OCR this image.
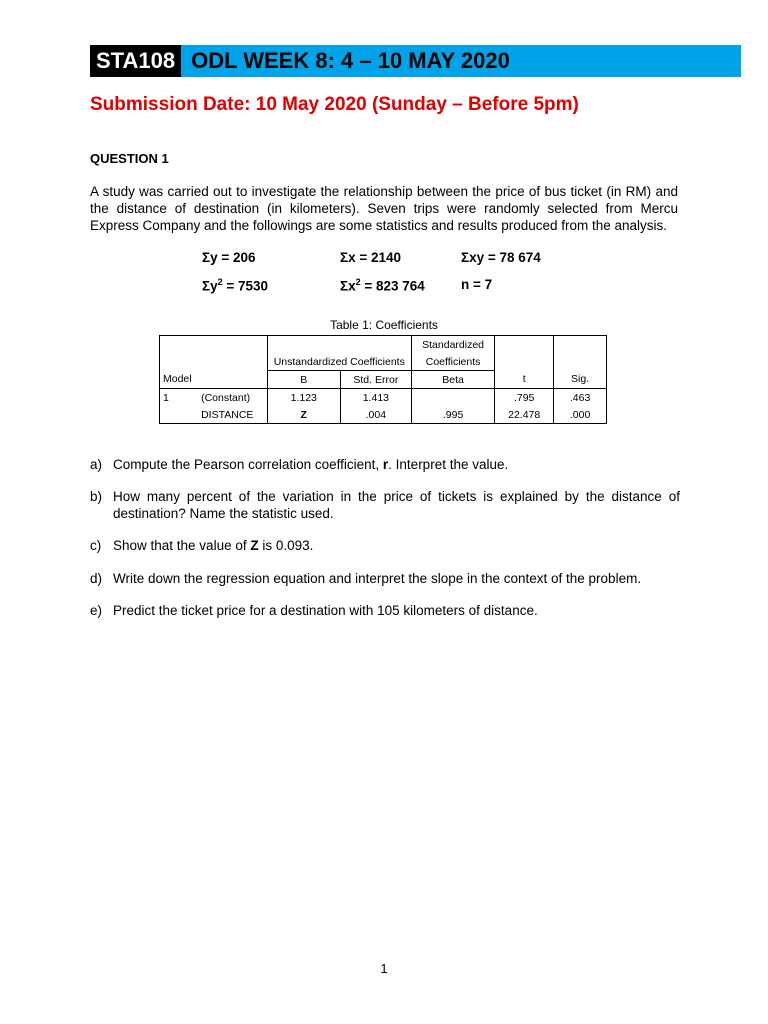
STA108 ODL WEEK 8: 4 – 10 MAY 2020
Submission Date: 10 May 2020 (Sunday – Before 5pm)
QUESTION 1
A study was carried out to investigate the relationship between the price of bus ticket (in RM) and the distance of destination (in kilometers). Seven trips were randomly selected from Mercu Express Company and the followings are some statistics and results produced from the analysis.
Σy = 206	Σx = 2140	Σxy = 78 674
$\Sigma y^2 = 7530$	$\Sigma x^2 = 823$ 764	n = 7
Table 1: Coefficients
		Unstandardized Coefficients		Standardized		
				Coefficients		
Model		B	Std. Error	Beta	t	Sig.
1	(Constant)	1.123	1.413		.795	.463
	DISTANCE	Z	.004	.995	22.478	.000
a) Compute the Pearson correlation coefficient, r. Interpret the value.
b) How many percent of the variation in the price of tickets is explained by the distance of destination? Name the statistic used.
c) Show that the value of Z is 0.093.
d) Write down the regression equation and interpret the slope in the context of the problem.
e) Predict the ticket price for a destination with 105 kilometers of distance.
1
